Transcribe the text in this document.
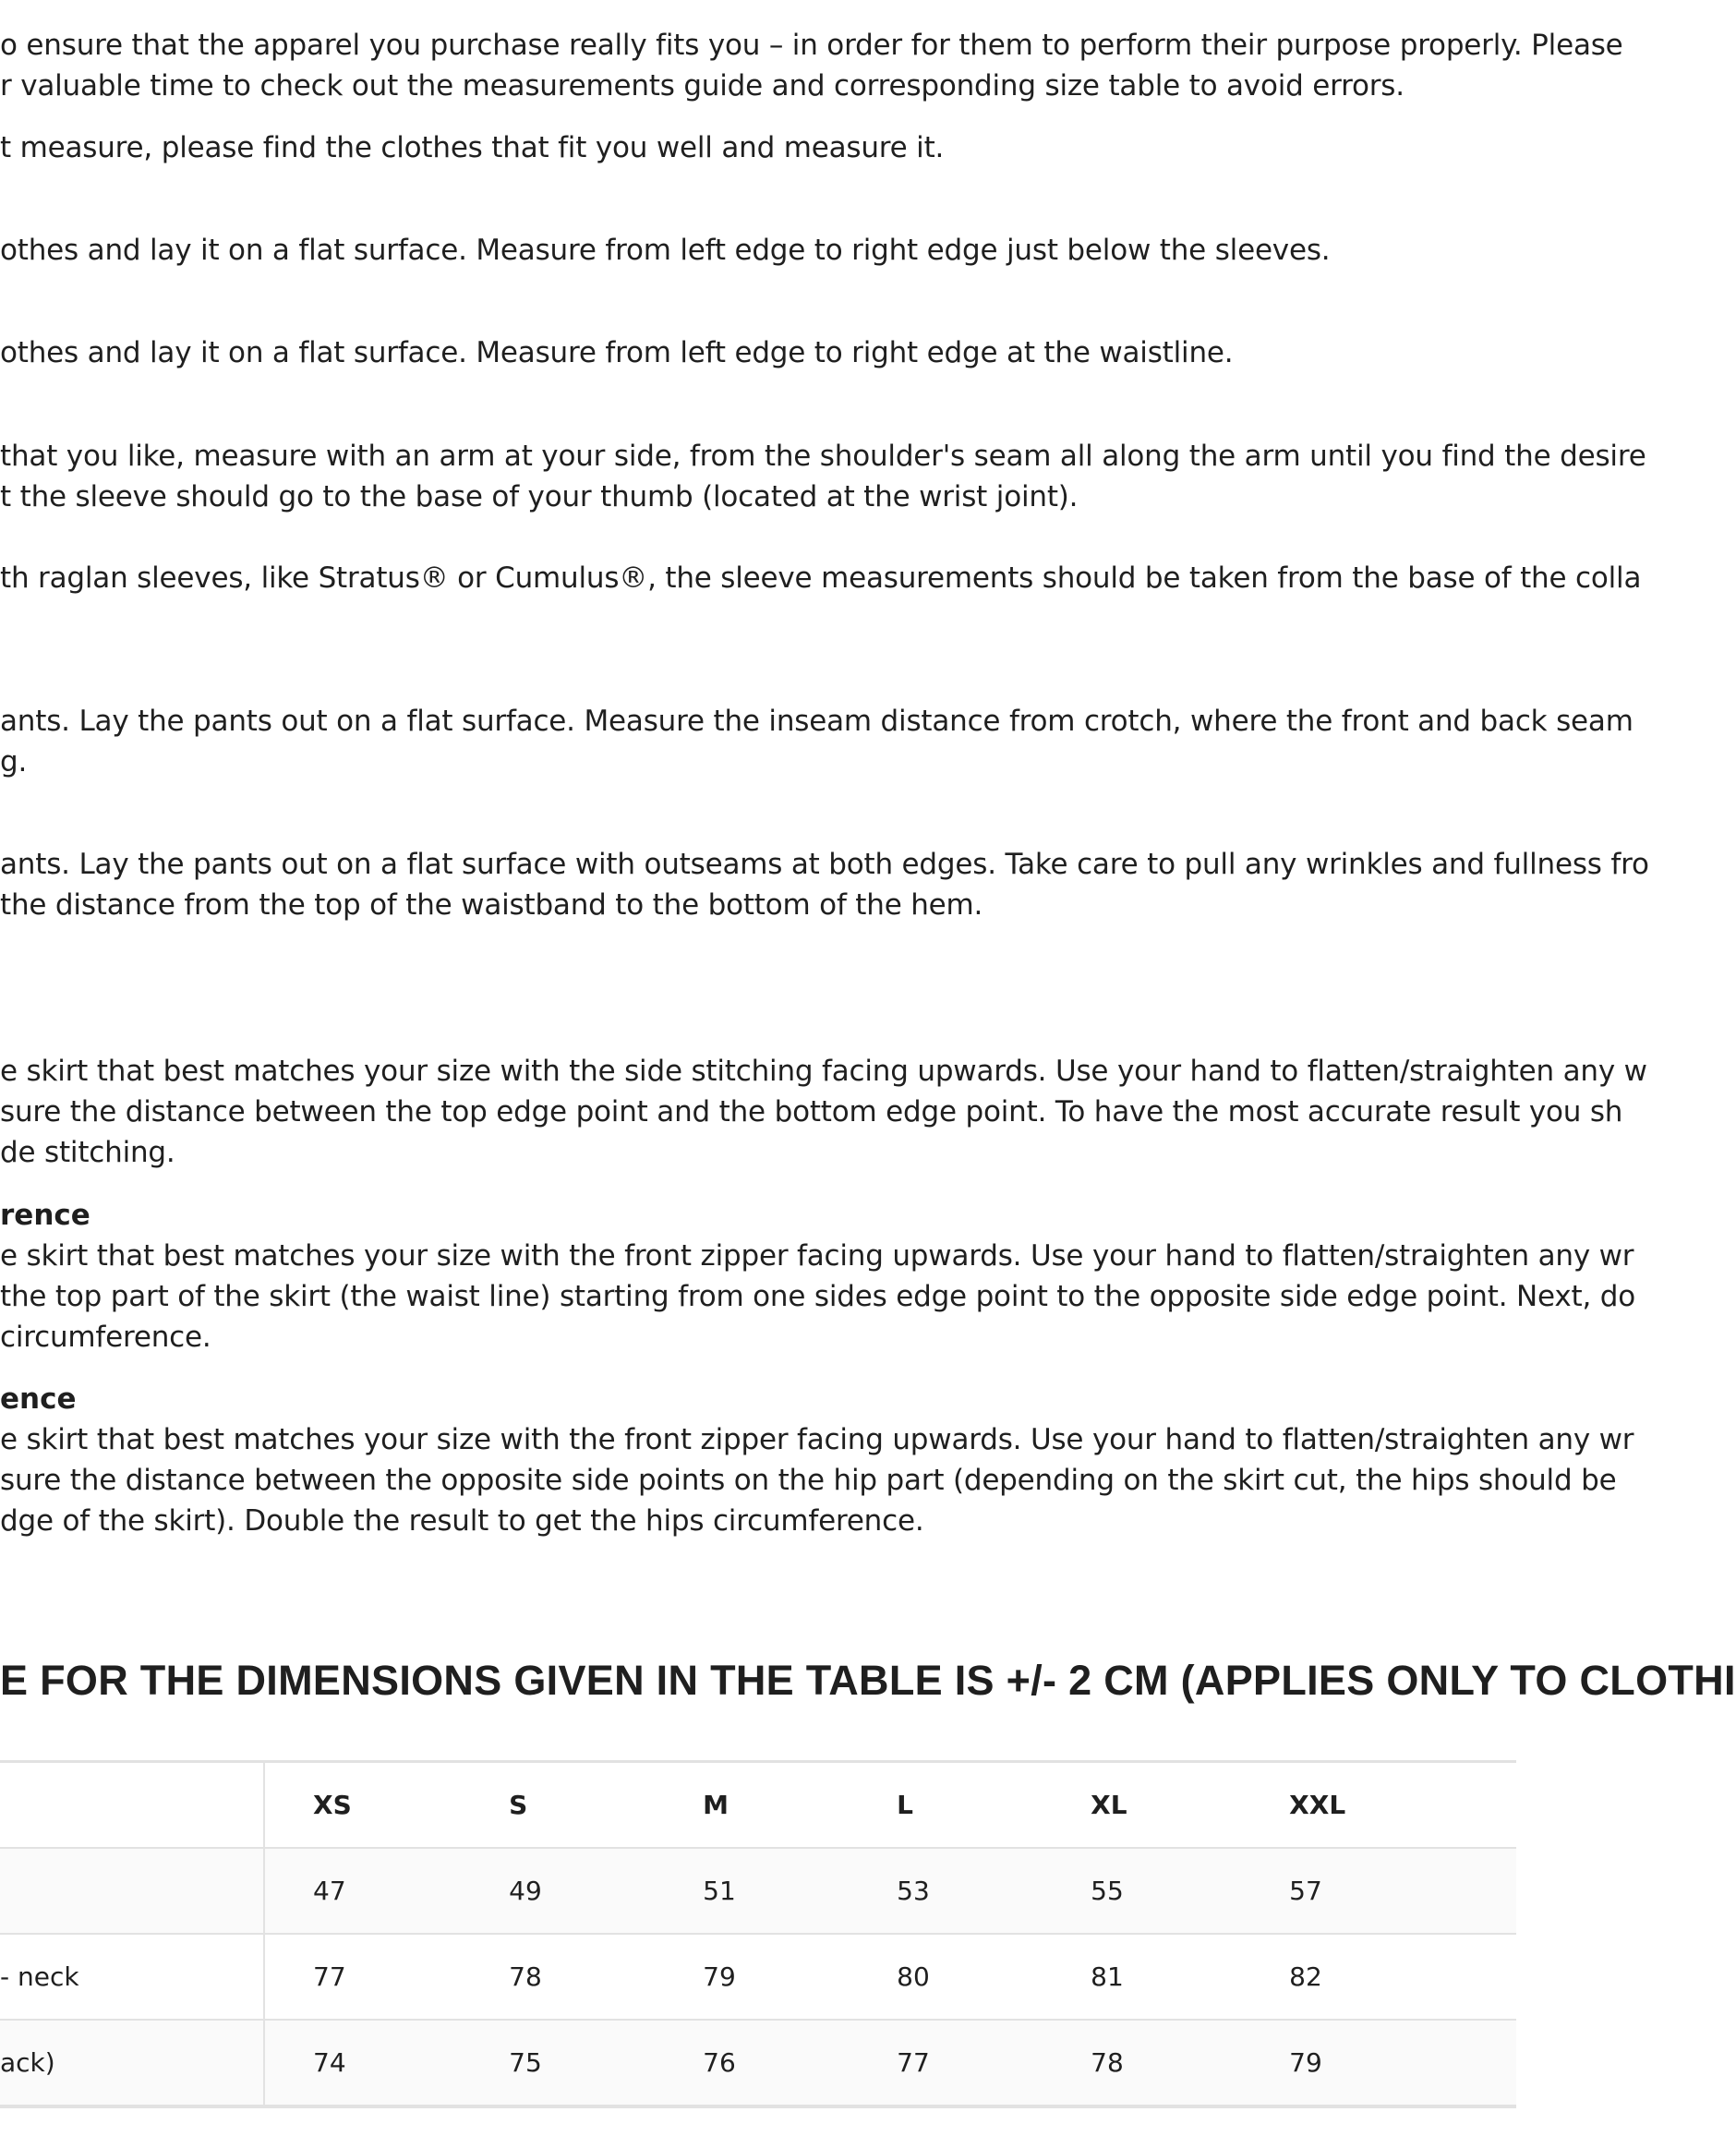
o ensure that the apparel you purchase really fits you – in order for them to perform their purpose properly. Please
r valuable time to check out the measurements guide and corresponding size table to avoid errors.
t measure, please find the clothes that fit you well and measure it.
othes and lay it on a flat surface. Measure from left edge to right edge just below the sleeves.
othes and lay it on a flat surface. Measure from left edge to right edge at the waistline.
that you like, measure with an arm at your side, from the shoulder's seam all along the arm until you find the desire
t the sleeve should go to the base of your thumb (located at the wrist joint).
th raglan sleeves, like Stratus® or Cumulus®, the sleeve measurements should be taken from the base of the colla
ants. Lay the pants out on a flat surface. Measure the inseam distance from crotch, where the front and back seam
g.
ants. Lay the pants out on a flat surface with outseams at both edges. Take care to pull any wrinkles and fullness fro
the distance from the top of the waistband to the bottom of the hem.
e skirt that best matches your size with the side stitching facing upwards. Use your hand to flatten/straighten any w
sure the distance between the top edge point and the bottom edge point. To have the most accurate result you sh
de stitching.
rence
e skirt that best matches your size with the front zipper facing upwards. Use your hand to flatten/straighten any wr
the top part of the skirt (the waist line) starting from one sides edge point to the opposite side edge point. Next, do
circumference.
ence
e skirt that best matches your size with the front zipper facing upwards. Use your hand to flatten/straighten any wr
sure the distance between the opposite side points on the hip part (depending on the skirt cut, the hips should be
dge of the skirt). Double the result to get the hips circumference.
E FOR THE DIMENSIONS GIVEN IN THE TABLE IS +/- 2 CM (APPLIES ONLY TO CLOTHI
	XS	S	M	L	XL	XXL
	47	49	51	53	55	57
- neck	77	78	79	80	81	82
ack)	74	75	76	77	78	79
